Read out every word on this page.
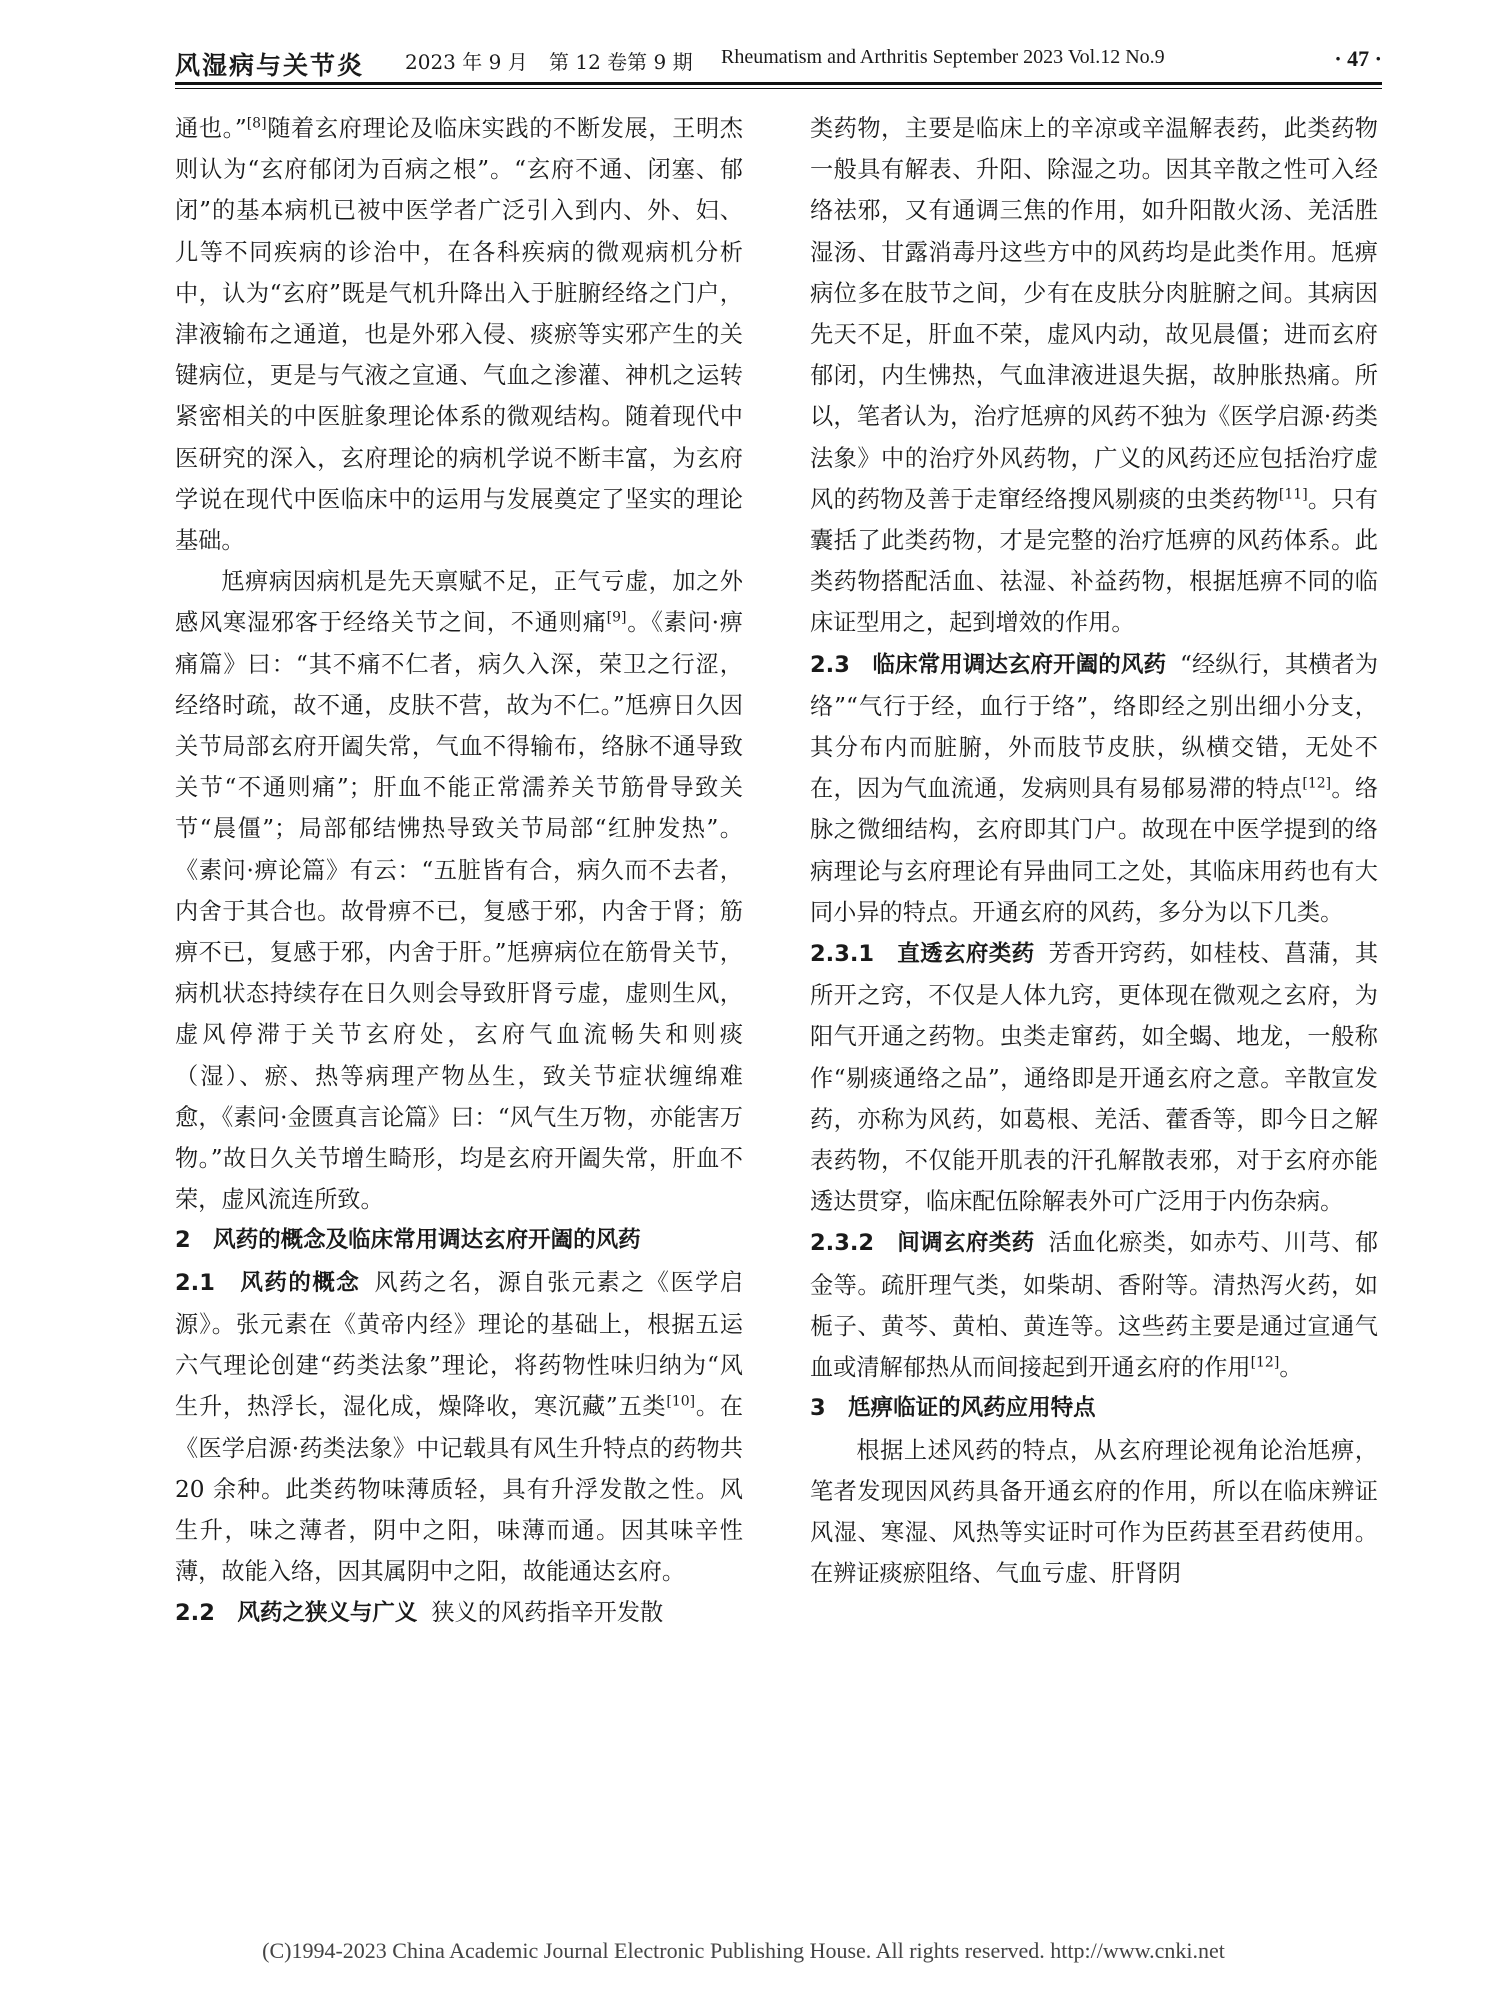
风湿病与关节炎 2023 年 9 月 第 12 卷第 9 期 Rheumatism and Arthritis September 2023 Vol.12 No.9	· 47 ·

通也。”[8]随着玄府理论及临床实践的不断发展，王明杰则认为“玄府郁闭为百病之根”。“玄府不通、闭塞、郁闭”的基本病机已被中医学者广泛引入到内、外、妇、儿等不同疾病的诊治中，在各科疾病的微观病机分析中，认为“玄府”既是气机升降出入于脏腑经络之门户，津液输布之通道，也是外邪入侵、痰瘀等实邪产生的关键病位，更是与气液之宣通、气血之渗灌、神机之运转紧密相关的中医脏象理论体系的微观结构。随着现代中医研究的深入，玄府理论的病机学说不断丰富，为玄府学说在现代中医临床中的运用与发展奠定了坚实的理论基础。

尪痹病因病机是先天禀赋不足，正气亏虚，加之外感风寒湿邪客于经络关节之间，不通则痛[9]。《素问·痹痛篇》曰：“其不痛不仁者，病久入深，荣卫之行涩，经络时疏，故不通，皮肤不营，故为不仁。”尪痹日久因关节局部玄府开阖失常，气血不得输布，络脉不通导致关节“不通则痛”；肝血不能正常濡养关节筋骨导致关节“晨僵”；局部郁结怫热导致关节局部“红肿发热”。《素问·痹论篇》有云：“五脏皆有合，病久而不去者，内舍于其合也。故骨痹不已，复感于邪，内舍于肾；筋痹不已，复感于邪，内舍于肝。”尪痹病位在筋骨关节，病机状态持续存在日久则会导致肝肾亏虚，虚则生风，虚风停滞于关节玄府处，玄府气血流畅失和则痰（湿）、瘀、热等病理产物丛生，致关节症状缠绵难愈，《素问·金匮真言论篇》曰：“风气生万物，亦能害万物。”故日久关节增生畸形，均是玄府开阖失常，肝血不荣，虚风流连所致。

2　风药的概念及临床常用调达玄府开阖的风药

2.1　风药的概念 风药之名，源自张元素之《医学启源》。张元素在《黄帝内经》理论的基础上，根据五运六气理论创建“药类法象”理论，将药物性味归纳为“风生升，热浮长，湿化成，燥降收，寒沉藏”五类[10]。在《医学启源·药类法象》中记载具有风生升特点的药物共 20 余种。此类药物味薄质轻，具有升浮发散之性。风生升，味之薄者，阴中之阳，味薄而通。因其味辛性薄，故能入络，因其属阴中之阳，故能通达玄府。

2.2　风药之狭义与广义 狭义的风药指辛开发散

类药物，主要是临床上的辛凉或辛温解表药，此类药物一般具有解表、升阳、除湿之功。因其辛散之性可入经络祛邪，又有通调三焦的作用，如升阳散火汤、羌活胜湿汤、甘露消毒丹这些方中的风药均是此类作用。尪痹病位多在肢节之间，少有在皮肤分肉脏腑之间。其病因先天不足，肝血不荣，虚风内动，故见晨僵；进而玄府郁闭，内生怫热，气血津液进退失据，故肿胀热痛。所以，笔者认为，治疗尪痹的风药不独为《医学启源·药类法象》中的治疗外风药物，广义的风药还应包括治疗虚风的药物及善于走窜经络搜风剔痰的虫类药物[11]。只有囊括了此类药物，才是完整的治疗尪痹的风药体系。此类药物搭配活血、祛湿、补益药物，根据尪痹不同的临床证型用之，起到增效的作用。

2.3　临床常用调达玄府开阖的风药 “经纵行，其横者为络”“气行于经，血行于络”，络即经之别出细小分支，其分布内而脏腑，外而肢节皮肤，纵横交错，无处不在，因为气血流通，发病则具有易郁易滞的特点[12]。络脉之微细结构，玄府即其门户。故现在中医学提到的络病理论与玄府理论有异曲同工之处，其临床用药也有大同小异的特点。开通玄府的风药，多分为以下几类。

2.3.1　直透玄府类药 芳香开窍药，如桂枝、菖蒲，其所开之窍，不仅是人体九窍，更体现在微观之玄府，为阳气开通之药物。虫类走窜药，如全蝎、地龙，一般称作“剔痰通络之品”，通络即是开通玄府之意。辛散宣发药，亦称为风药，如葛根、羌活、藿香等，即今日之解表药物，不仅能开肌表的汗孔解散表邪，对于玄府亦能透达贯穿，临床配伍除解表外可广泛用于内伤杂病。

2.3.2　间调玄府类药 活血化瘀类，如赤芍、川芎、郁金等。疏肝理气类，如柴胡、香附等。清热泻火药，如栀子、黄芩、黄柏、黄连等。这些药主要是通过宣通气血或清解郁热从而间接起到开通玄府的作用[12]。

3　尪痹临证的风药应用特点

根据上述风药的特点，从玄府理论视角论治尪痹，笔者发现因风药具备开通玄府的作用，所以在临床辨证风湿、寒湿、风热等实证时可作为臣药甚至君药使用。在辨证痰瘀阻络、气血亏虚、肝肾阴

(C)1994-2023 China Academic Journal Electronic Publishing House. All rights reserved. http://www.cnki.net
